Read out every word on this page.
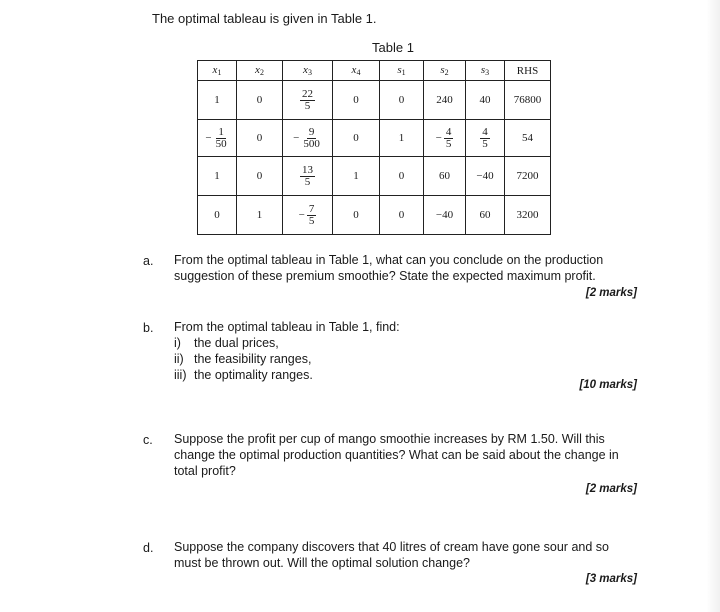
The optimal tableau is given in Table 1.
Table 1
$x_1$	$x_2$	$x_3$	$x_4$	$s_1$	$s_2$	$s_3$	RHS
1	0	$\frac{22}{5}$	0	0	240	40	76800
− $\frac{1}{50}$	0	− $\frac{9}{500}$	0	1	− $\frac{4}{5}$	$\frac{4}{5}$	54
1	0	$\frac{13}{5}$	1	0	60	−40	7200
0	1	− $\frac{7}{5}$	0	0	−40	60	3200
a. From the optimal tableau in Table 1, what can you conclude on the production
suggestion of these premium smoothie? State the expected maximum profit.
[2 marks]
b. From the optimal tableau in Table 1, find:
i) the dual prices,
ii) the feasibility ranges,
iii) the optimality ranges.
[10 marks]
c. Suppose the profit per cup of mango smoothie increases by RM 1.50. Will this
change the optimal production quantities? What can be said about the change in
total profit?
[2 marks]
d. Suppose the company discovers that 40 litres of cream have gone sour and so
must be thrown out. Will the optimal solution change?
[3 marks]
